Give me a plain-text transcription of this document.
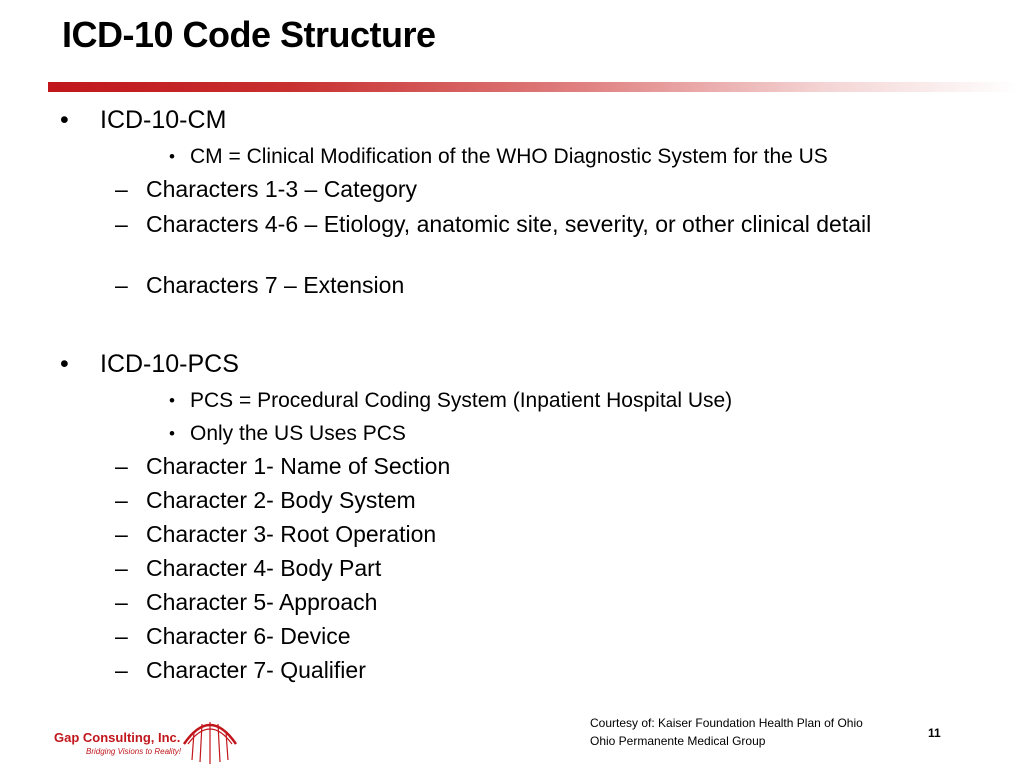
ICD-10 Code Structure
• ICD-10-CM
• CM = Clinical Modification of the WHO Diagnostic System for the US
– Characters 1-3 – Category
– Characters 4-6 – Etiology, anatomic site, severity, or other clinical detail
– Characters 7 – Extension
• ICD-10-PCS
• PCS = Procedural Coding System (Inpatient Hospital Use)
• Only the US Uses PCS
– Character 1- Name of Section
– Character 2- Body System
– Character 3- Root Operation
– Character 4- Body Part
– Character 5- Approach
– Character 6- Device
– Character 7- Qualifier
Gap Consulting, Inc.
Bridging Visions to Reality!
Courtesy of: Kaiser Foundation Health Plan of Ohio
Ohio Permanente Medical Group
11
